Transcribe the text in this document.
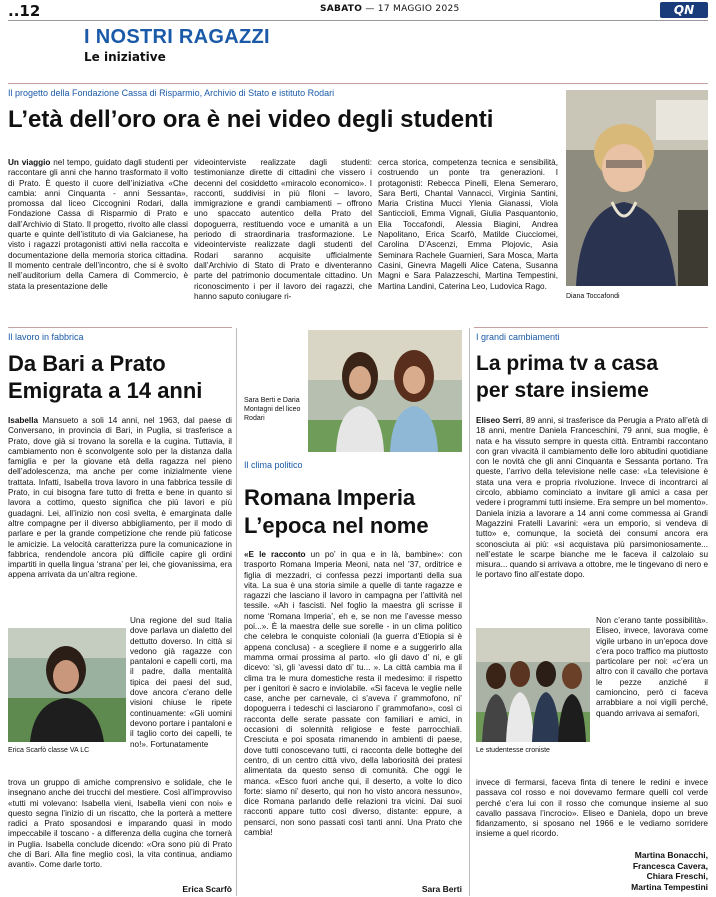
..12	SABATO — 17 MAGGIO 2025	QN
I NOSTRI RAGAZZI
Le iniziative
Il progetto della Fondazione Cassa di Risparmio, Archivio di Stato e istituto Rodari
L’età dell’oro ora è nei video degli studenti
Un viaggio nel tempo, guidato dagli studenti per raccontare gli anni che hanno trasformato il volto di Prato. È questo il cuore dell’iniziativa «Che cambia: anni Cinquanta - anni Sessanta», promossa dal liceo Ciccognini Rodari, dalla Fondazione Cassa di Risparmio di Prato e dall’Archivio di Stato. Il progetto, rivolto alle classi quarte e quinte dell’istituto di via Galcianese, ha visto i ragazzi protagonisti attivi nella raccolta e documentazione della memoria storica cittadina. Il momento centrale dell’incontro, che si è svolto nell’auditorium della Camera di Commercio, è stata la presentazione delle
videointerviste realizzate dagli studenti: testimonianze dirette di cittadini che vissero i decenni del cosiddetto «miracolo economico». I racconti, suddivisi in più filoni – lavoro, immigrazione e grandi cambiamenti – offrono uno spaccato autentico della Prato del dopoguerra, restituendo voce e umanità a un periodo di straordinaria trasformazione. Le videointerviste realizzate dagli studenti del Rodari saranno acquisite ufficialmente dall’Archivio di Stato di Prato e diventeranno parte del patrimonio documentale cittadino. Un riconoscimento i per il lavoro dei ragazzi, che hanno saputo coniugare ri-
cerca storica, competenza tecnica e sensibilità, costruendo un ponte tra generazioni. I protagonisti: Rebecca Pinelli, Elena Semeraro, Sara Berti, Chantal Vannacci, Virginia Santini, Maria Cristina Mucci Ylenia Gianassi, Viola Santiccioli, Emma Vignali, Giulia Pasquantonio, Elia Toccafondi, Alessia Biagini, Andrea Napolitano, Erica Scarfò, Matilde Ciucciomei, Carolina D’Ascenzi, Emma Plojovic, Asia Seminara Rachele Guarnieri, Sara Mosca, Marta Casini, Ginevra Magelli Alice Catena, Susanna Magni e Sara Palazzeschi, Martina Tempestini, Martina Landini, Caterina Leo, Ludovica Rago.
Diana Toccafondi
Il lavoro in fabbrica
Da Bari a Prato
Emigrata a 14 anni
Isabella Mansueto a soli 14 anni, nel 1963, dal paese di Conversano, in provincia di Bari, in Puglia, si trasferisce a Prato, dove già si trovano la sorella e la cugina. Tuttavia, il cambiamento non è sconvolgente solo per la distanza dalla famiglia e per la giovane età della ragazza nel pieno dell’adolescenza, ma anche per come inizialmente viene trattata. Infatti, Isabella trova lavoro in una fabbrica tessile di Prato, in cui bisogna fare tutto di fretta e bene in quanto si lavora a cottimo, questo significa che più lavori e più guadagni. Lei, all’inizio non così svelta, è emarginata dalle altre compagne per il diverso abbigliamento, per il modo di parlare e per la grande competizione che rende più faticose le amicizie. La velocità caratterizza pure la comunicazione in fabbrica, rendendole ancora più difficile capire gli ordini impartiti in quella lingua ‘strana’ per lei, che giovanissima, era appena arrivata da un’altra regione.
Erica Scarfò classe VA LC
Una regione del sud Italia dove parlava un dialetto del dettutto doverso. In città si vedono già ragazze con pantaloni e capelli corti, ma il padre, dalla mentalità tipica dei paesi del sud, dove ancora c’erano delle visioni chiuse le ripete continuamente: «Gli uomini devono portare i pantaloni e il taglio corto dei capelli, te no!». Fortunatamente
trova un gruppo di amiche comprensivo e solidale, che le insegnano anche dei trucchi del mestiere. Così all’improvviso «tutti mi volevano: Isabella vieni, Isabella vieni con noi» e questo segna l’inizio di un riscatto, che la porterà a mettere radici a Prato sposandosi e imparando quasi in modo impeccabile il toscano - a differenza della cugina che tornerà in Puglia. Isabella conclude dicendo: «Ora sono più di Prato che di Bari. Alla fine meglio così, la vita continua, andiamo avanti». Come darle torto.
Erica Scarfò
Sara Berti e Daria Montagni del liceo Rodari
Il clima politico
Romana Imperia
L’epoca nel nome
«E le racconto un po’ in qua e in là, bambine»: con trasporto Romana Imperia Meoni, nata nel ’37, orditrice e figlia di mezzadri, ci confessa pezzi importanti della sua vita. La sua è una storia simile a quelle di tante ragazze e ragazzi che lasciano il lavoro in campagna per l’attività nel tessile. «Ah i fascisti. Nel foglio la maestra gli scrisse il nome ‘Romana Imperia’, eh e, se non me l’avesse messo poi...». È la maestra delle sue sorelle - in un clima politico che celebra le conquiste coloniali (la guerra d’Etiopia si è appena conclusa) - a scegliere il nome e a suggerirlo alla mamma ormai prossima al parto. «Io gli davo d’ ni, e gli dicevo: ‘sì, gli ‘avessi dato di’ tu... ». La città cambia ma il clima tra le mura domestiche resta il medesimo: il rispetto per i genitori è sacro e inviolabile. «Si faceva le veglie nelle case, anche per carnevale, ci s’aveva i’ grammofono, ni’ dopoguerra i tedeschi ci lasciarono i’ grammofano», così ci racconta delle serate passate con familiari e amici, in occasioni di solennità religiose e feste parrocchiali. Cresciuta e poi sposata rimanendo in ambienti di paese, dove tutti conoscevano tutti, ci racconta delle botteghe del centro, di un centro città vivo, della laboriosità dei pratesi alimentata da questo senso di comunità. Che oggi le manca. «Esco fuori anche qui, il deserto, a volte lo dico forte: siamo ni’ deserto, qui non ho visto ancora nessuno», dice Romana parlando delle relazioni tra vicini. Dai suoi racconti appare tutto così diverso, distante: eppure, a pensarci, non sono passati così tanti anni. Una Prato che cambia!
Sara Berti
I grandi cambiamenti
La prima tv a casa
per stare insieme
Eliseo Serri, 89 anni, si trasferisce da Perugia a Prato all’età di 18 anni, mentre Daniela Franceschini, 79 anni, sua moglie, è nata e ha vissuto sempre in questa città. Entrambi raccontano con gran vivacità il cambiamento delle loro abitudini quotidiane con le novità che gli anni Cinquanta e Sessanta portano. Tra queste, l’arrivo della televisione nelle case: «La televisione è stata una vera e propria rivoluzione. Invece di incontrarci al circolo, abbiamo cominciato a invitare gli amici a casa per vedere i programmi tutti insieme. Era sempre un bel momento». Daniela inizia a lavorare a 14 anni come commessa ai Grandi Magazzini Fratelli Lavarini: «era un emporio, si vendeva di tutto» e, comunque, la società dei consumi ancora era sconosciuta ai più: «si acquistava più parsimoniosamente... nell’estate le scarpe bianche me le faceva il calzolaio su misura... quando si arrivava a ottobre, me le tingevano di nero e le portavo fino all’estate dopo.
Le studentesse croniste
Non c’erano tante possibilità». Eliseo, invece, lavorava come vigile urbano in un’epoca dove c’era poco traffico ma piuttosto particolare per noi: «c’era un altro con il cavallo che portava le pezze anziché il camioncino, però ci faceva arrabbiare a noi vigili perché, quando arrivava ai semafori,
invece di fermarsi, faceva finta di tenere le redini e invece passava col rosso e noi dovevamo fermare quelli col verde perché c’era lui con il rosso che comunque insieme al suo cavallo passava l’incrocio». Eliseo e Daniela, dopo un breve fidanzamento, si sposano nel 1966 e le vediamo sorridere insieme a quel ricordo.
Martina Bonacchi,
Francesca Cavera,
Chiara Freschi,
Martina Tempestini
